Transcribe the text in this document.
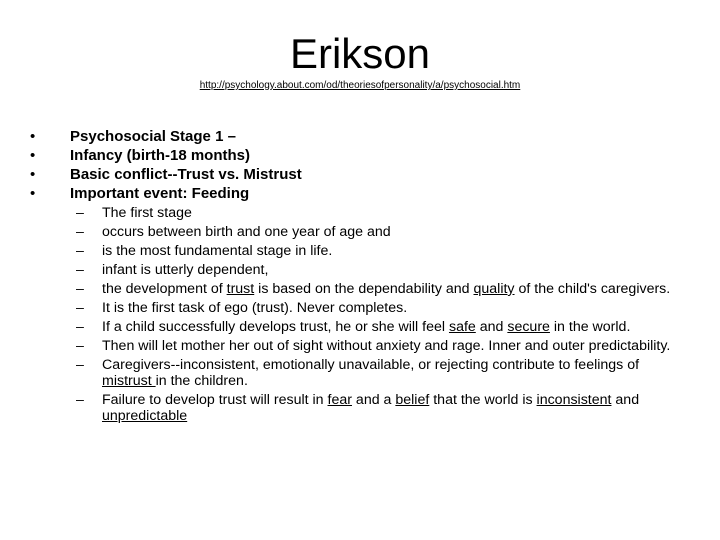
Erikson
http://psychology.about.com/od/theoriesofpersonality/a/psychosocial.htm
• Psychosocial Stage 1 –
• Infancy (birth-18 months)
• Basic conflict--Trust vs. Mistrust
• Important event: Feeding
– The first stage
– occurs between birth and one year of age and
– is the most fundamental stage in life.
– infant is utterly dependent,
– the development of trust is based on the dependability and quality of the child's caregivers.
– It is the first task of ego (trust). Never completes.
– If a child successfully develops trust, he or she will feel safe and secure in the world.
– Then will let mother her out of sight without anxiety and rage. Inner and outer predictability.
– Caregivers--inconsistent, emotionally unavailable, or rejecting contribute to feelings of mistrust in the children.
– Failure to develop trust will result in fear and a belief that the world is inconsistent and unpredictable
